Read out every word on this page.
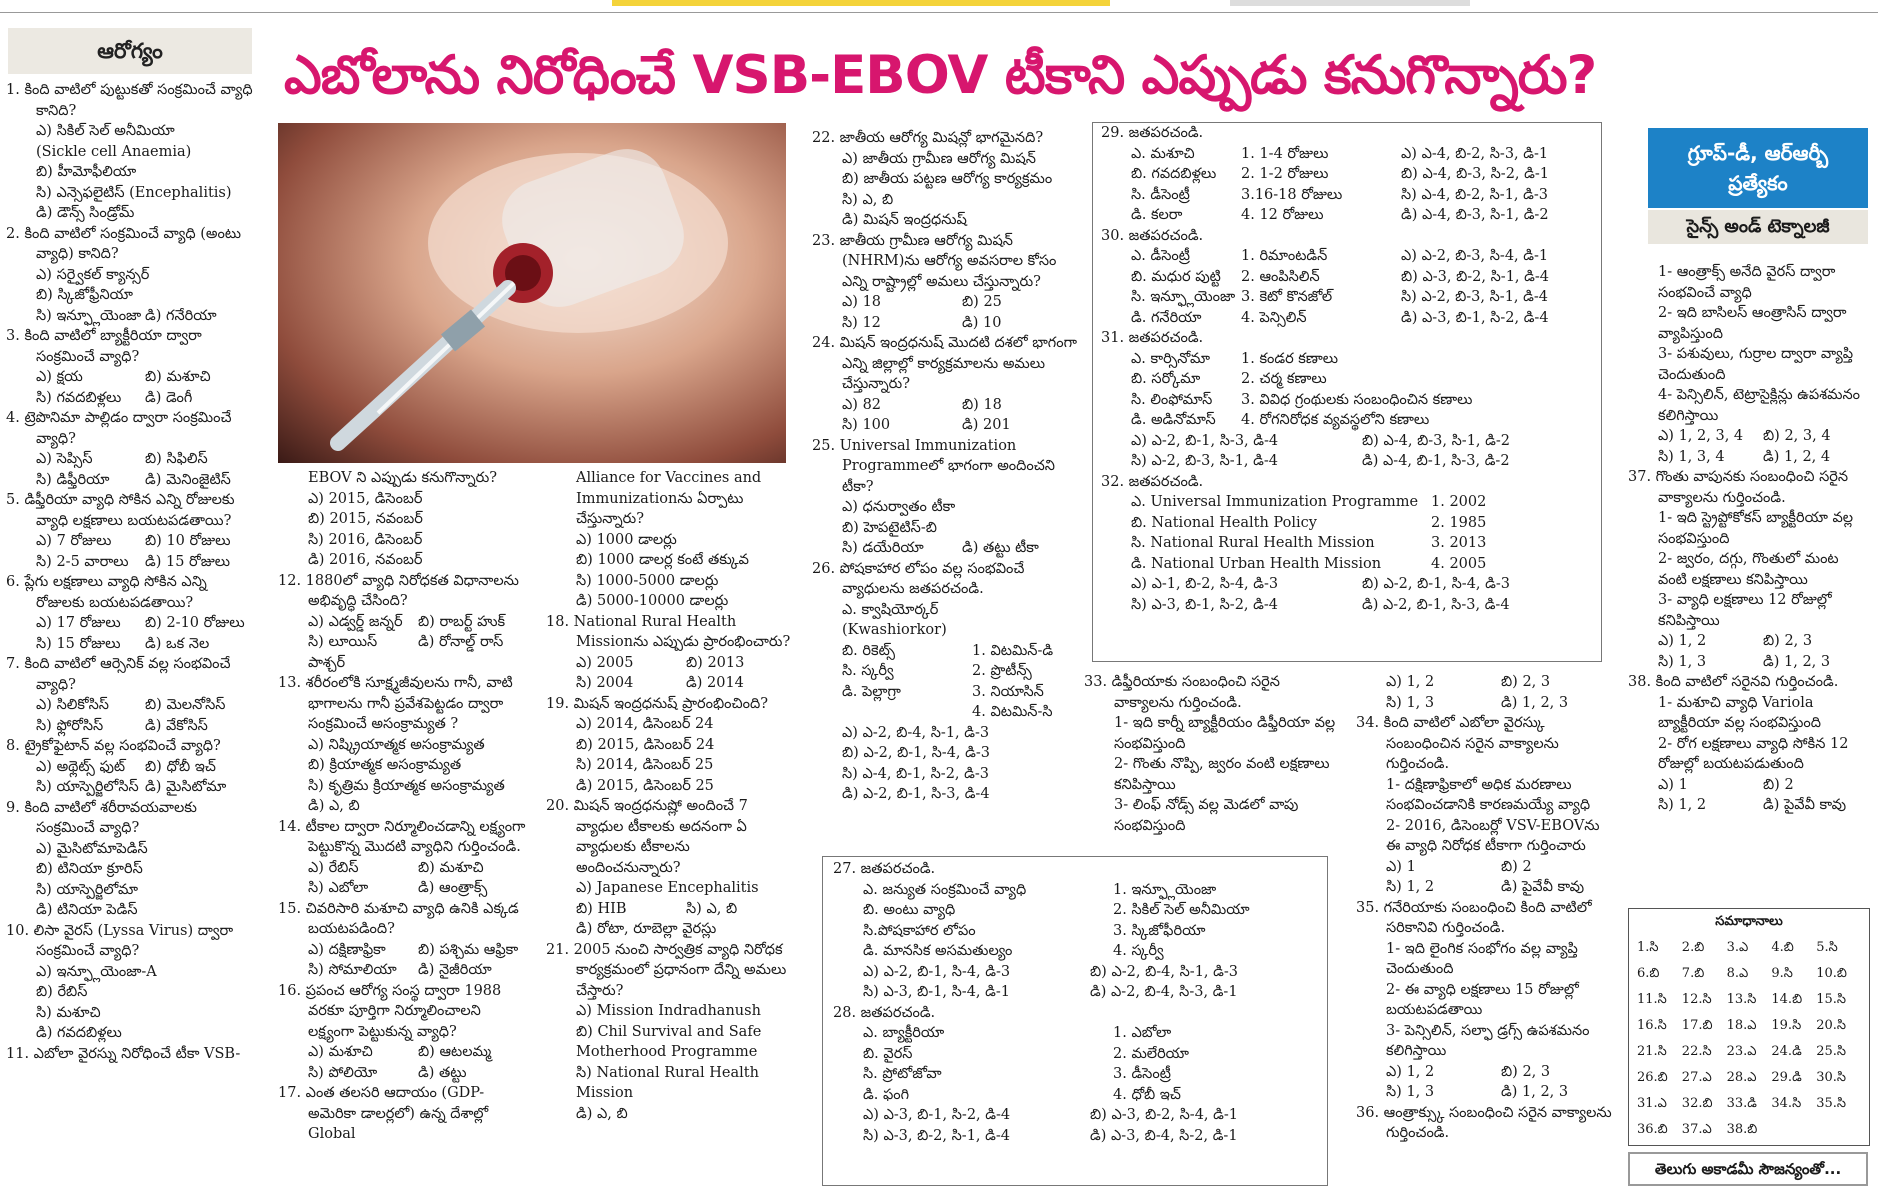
ఆరోగ్యం	ఎబోలాను నిరోధించే VSB-EBOV టీకాని ఎప్పుడు కనుగొన్నారు?
1. కింది వాటిలో పుట్టుకతో సంక్రమించే వ్యాధి కానిది?
ఎ) సికిల్ సెల్ అనీమియా
(Sickle cell Anaemia)
బి) హీమోఫీలియా
సి) ఎన్సెఫలైటిస్ (Encephalitis)
డి) డౌన్స్ సిండ్రోమ్
2. కింది వాటిలో సంక్రమించే వ్యాధి (అంటు వ్యాధి) కానిది?
ఎ) సర్వైకల్ క్యాన్సర్
బి) స్కిజోఫ్రీనియా
సి) ఇన్ఫ్లూయెంజా డి) గనేరియా
3. కింది వాటిలో బ్యాక్టీరియా ద్వారా సంక్రమించే వ్యాధి?
ఎ) క్షయ	బి) మశూచి
సి) గవదబిళ్లలు	డి) డెంగీ
4. ట్రెపొనిమా పాల్లిడం ద్వారా సంక్రమించే వ్యాధి?
ఎ) సెప్సిస్	బి) సిఫిలిస్
సి) డిఫ్తీరియా	డి) మెనింజైటిస్
5. డిఫ్తీరియా వ్యాధి సోకిన ఎన్ని రోజులకు వ్యాధి లక్షణాలు బయటపడతాయి?
ఎ) 7 రోజులు	బి) 10 రోజులు
సి) 2-5 వారాలు	డి) 15 రోజులు
6. ప్లేగు లక్షణాలు వ్యాధి సోకిన ఎన్ని రోజులకు బయటపడతాయి?
ఎ) 17 రోజులు	బి) 2-10 రోజులు
సి) 15 రోజులు	డి) ఒక నెల
7. కింది వాటిలో ఆర్సెనిక్ వల్ల సంభవించే వ్యాధి?
ఎ) సిలికోసిస్	బి) మెలనోసిస్
సి) ఫ్లోరోసిస్	డి) వేకోసిస్
8. ట్రైకోఫైటాన్ వల్ల సంభవించే వ్యాధి?
ఎ) అథ్లెట్స్ ఫుట్	బి) ధోబీ ఇచ్
సి) యాస్పెర్జిలోసిస్ డి) మైసిటోమా
9. కింది వాటిలో శరీరావయవాలకు సంక్రమించే వ్యాధి?
ఎ) మైసిటోమాపెడిస్
బి) టినియా క్రూరిస్
సి) యాస్పెర్జిలోమా
డి) టినియా పెడిస్
10. లిసా వైరస్ (Lyssa Virus) ద్వారా సంక్రమించే వ్యాధి?
ఎ) ఇన్ఫ్లూయెంజా-A
బి) రేబిస్
సి) మశూచి
డి) గవదబిళ్లలు
11. ఎబోలా వైరస్ను నిరోధించే టీకా VSB-
EBOV ని ఎప్పుడు కనుగొన్నారు?
ఎ) 2015, డిసెంబర్
బి) 2015, నవంబర్
సి) 2016, డిసెంబర్
డి) 2016, నవంబర్
12. 1880లో వ్యాధి నిరోధకత విధానాలను అభివృద్ధి చేసింది?
ఎ) ఎడ్వర్డ్ జన్నర్	బి) రాబర్ట్ హుక్
సి) లూయిస్ పాశ్చర్
డి) రోనాల్డ్ రాస్
13. శరీరంలోకి సూక్ష్మజీవులను గానీ, వాటి భాగాలను గానీ ప్రవేశపెట్టడం ద్వారా సంక్రమించే అసంక్రామ్యత ?
ఎ) నిష్క్రియాత్మక అసంక్రామ్యత
బి) క్రియాత్మక అసంక్రామ్యత
సి) కృత్రిమ క్రియాత్మక అసంక్రామ్యత
డి) ఎ, బి
14. టీకాల ద్వారా నిర్మూలించడాన్ని లక్ష్యంగా పెట్టుకొన్న మొదటి వ్యాధిని గుర్తించండి.
ఎ) రేబిస్	బి) మశూచి
సి) ఎబోలా	డి) ఆంత్రాక్స్
15. చివరిసారి మశూచి వ్యాధి ఉనికి ఎక్కడ బయటపడింది?
ఎ) దక్షిణాఫ్రికా	బి) పశ్చిమ ఆఫ్రికా
సి) సోమాలియా	డి) నైజీరియా
16. ప్రపంచ ఆరోగ్య సంస్థ ద్వారా 1988 వరకూ పూర్తిగా నిర్మూలించాలని లక్ష్యంగా పెట్టుకున్న వ్యాధి?
ఎ) మశూచి	బి) ఆటలమ్మ
సి) పోలియో	డి) తట్టు
17. ఎంత తలసరి ఆదాయం (GDP- అమెరికా డాలర్లలో) ఉన్న దేశాల్లో Global
Alliance for Vaccines and Immunizationను ఏర్పాటు చేస్తున్నారు?
ఎ) 1000 డాలర్లు
బి) 1000 డాలర్ల కంటే తక్కువ
సి) 1000-5000 డాలర్లు
డి) 5000-10000 డాలర్లు
18. National Rural Health Missionను ఎప్పుడు ప్రారంభించారు?
ఎ) 2005	బి) 2013
సి) 2004	డి) 2014
19. మిషన్ ఇంద్రధనుష్ ప్రారంభించింది?
ఎ) 2014, డిసెంబర్ 24
బి) 2015, డిసెంబర్ 24
సి) 2014, డిసెంబర్ 25
డి) 2015, డిసెంబర్ 25
20. మిషన్ ఇంద్రధనుష్లో అందించే 7 వ్యాధుల టీకాలకు అదనంగా ఏ వ్యాధులకు టీకాలను అందించనున్నారు?
ఎ) Japanese Encephalitis
బి) HIB	సి) ఎ, బి
డి) రోటా, రూబెల్లా వైరస్లు
21. 2005 నుంచి సార్వత్రిక వ్యాధి నిరోధక కార్యక్రమంలో ప్రధానంగా దేన్ని అమలు చేస్తారు?
ఎ) Mission Indradhanush
బి) Chil Survival and Safe Motherhood Programme
సి) National Rural Health Mission
డి) ఎ, బి
22. జాతీయ ఆరోగ్య మిషన్లో భాగమైనది?
ఎ) జాతీయ గ్రామీణ ఆరోగ్య మిషన్
బి) జాతీయ పట్టణ ఆరోగ్య కార్యక్రమం
సి) ఎ, బి
డి) మిషన్ ఇంద్రధనుష్
23. జాతీయ గ్రామీణ ఆరోగ్య మిషన్ (NHRM)ను ఆరోగ్య అవసరాల కోసం ఎన్ని రాష్ట్రాల్లో అమలు చేస్తున్నారు?
ఎ) 18	బి) 25
సి) 12	డి) 10
24. మిషన్ ఇంద్రధనుష్ మొదటి దశలో భాగంగా ఎన్ని జిల్లాల్లో కార్యక్రమాలను అమలు చేస్తున్నారు?
ఎ) 82	బి) 18
సి) 100	డి) 201
25. Universal Immunization Programmeలో భాగంగా అందించని టీకా?
ఎ) ధనుర్వాతం టీకా
బి) హెపటైటిస్-బి
సి) డయేరియా	డి) తట్టు టీకా
26. పోషకాహార లోపం వల్ల సంభవించే వ్యాధులను జతపరచండి.
ఎ. క్వాషియోర్కర్ (Kwashiorkor)
బి. రికెట్స్	1. విటమిన్-డి
సి. స్కర్వీ	2. ప్రొటీన్స్
డి. పెల్లాగ్రా	3. నియాసిన్
4. విటమిన్-సి
ఎ) ఎ-2, బి-4, సి-1, డి-3
బి) ఎ-2, బి-1, సి-4, డి-3
సి) ఎ-4, బి-1, సి-2, డి-3
డి) ఎ-2, బి-1, సి-3, డి-4
27. జతపరచండి.
ఎ. జన్యుత సంక్రమించే వ్యాధి	1. ఇన్ఫ్లూయెంజా
బి. అంటు వ్యాధి	2. సికిల్ సెల్ అనీమియా
సి.పోషకాహార లోపం	3. స్కిజోఫీరియా
డి. మానసిక అసమతుల్యం	4. స్కర్వీ
ఎ) ఎ-2, బి-1, సి-4, డి-3	బి) ఎ-2, బి-4, సి-1, డి-3
సి) ఎ-3, బి-1, సి-4, డి-1	డి) ఎ-2, బి-4, సి-3, డి-1
28. జతపరచండి.
ఎ. బ్యాక్టీరియా	1. ఎబోలా
బి. వైరస్	2. మలేరియా
సి. ప్రోటోజోవా	3. డీసెంట్రీ
డి. ఫంగి	4. ధోబీ ఇచ్
ఎ) ఎ-3, బి-1, సి-2, డి-4	బి) ఎ-3, బి-2, సి-4, డి-1
సి) ఎ-3, బి-2, సి-1, డి-4	డి) ఎ-3, బి-4, సి-2, డి-1
29. జతపరచండి.
ఎ. మశూచి	1. 1-4 రోజులు
బి. గవదబిళ్లలు	2. 1-2 రోజులు
సి. డీసెంట్రీ	3.16-18 రోజులు
డి. కలరా	4. 12 రోజులు
ఎ) ఎ-4, బి-2, సి-3, డి-1
బి) ఎ-4, బి-3, సి-2, డి-1
సి) ఎ-4, బి-2, సి-1, డి-3
డి) ఎ-4, బి-3, సి-1, డి-2
30. జతపరచండి.
ఎ. డీసెంట్రీ	1. రిమాంటడిన్
బి. మధుర పుట్టి	2. ఆంపిసిలిన్
సి. ఇన్ఫ్లూయెంజా 3. కెటో కొనజోల్
డి. గనేరియా	4. పెన్సిలిన్
ఎ) ఎ-2, బి-3, సి-4, డి-1
బి) ఎ-3, బి-2, సి-1, డి-4
సి) ఎ-2, బి-3, సి-1, డి-4
డి) ఎ-3, బి-1, సి-2, డి-4
31. జతపరచండి.
ఎ. కార్సినోమా	1. కండర కణాలు
బి. సర్కోమా	2. చర్మ కణాలు
సి. లింఫోమాస్	3. వివిధ గ్రంథులకు సంబంధించిన కణాలు
డి. అడినోమాస్	4. రోగనిరోధక వ్యవస్థలోని కణాలు
ఎ) ఎ-2, బి-1, సి-3, డి-4	బి) ఎ-4, బి-3, సి-1, డి-2
సి) ఎ-2, బి-3, సి-1, డి-4	డి) ఎ-4, బి-1, సి-3, డి-2
32. జతపరచండి.
ఎ. Universal Immunization Programme 1. 2002
బి. National Health Policy	2. 1985
సి. National Rural Health Mission	3. 2013
డి. National Urban Health Mission	4. 2005
ఎ) ఎ-1, బి-2, సి-4, డి-3	బి) ఎ-2, బి-1, సి-4, డి-3
సి) ఎ-3, బి-1, సి-2, డి-4	డి) ఎ-2, బి-1, సి-3, డి-4
33. డిఫ్తీరియాకు సంబంధించి సరైన వాక్యాలను గుర్తించండి.
1- ఇది కార్నీ బ్యాక్టీరియం డిఫ్తీరియా వల్ల సంభవిస్తుంది
2- గొంతు నొప్పి, జ్వరం వంటి లక్షణాలు కనిపిస్తాయి
3- లింఫ్ నోడ్స్ వల్ల మెడలో వాపు సంభవిస్తుంది
ఎ) 1, 2	బి) 2, 3
సి) 1, 3	డి) 1, 2, 3
34. కింది వాటిలో ఎబోలా వైరస్కు సంబంధించిన సరైన వాక్యాలను గుర్తించండి.
1- దక్షిణాఫ్రికాలో అధిక మరణాలు సంభవించడానికి కారణమయ్యే వ్యాధి
2- 2016, డిసెంబర్లో VSV-EBOVను ఈ వ్యాధి నిరోధక టీకాగా గుర్తించారు
ఎ) 1	బి) 2
సి) 1, 2	డి) పైవేవీ కావు
35. గనేరియాకు సంబంధించి కింది వాటిలో సరికానివి గుర్తించండి.
1- ఇది లైంగిక సంభోగం వల్ల వ్యాప్తి చెందుతుంది
2- ఈ వ్యాధి లక్షణాలు 15 రోజుల్లో బయటపడతాయి
3- పెన్సిలిన్, సల్ఫా డ్రగ్స్ ఉపశమనం కలిగిస్తాయి
ఎ) 1, 2	బి) 2, 3
సి) 1, 3	డి) 1, 2, 3
36. ఆంత్రాక్స్కు సంబంధించి సరైన వాక్యాలను గుర్తించండి.
గ్రూప్-డీ, ఆర్ఆర్బీ
ప్రత్యేకం
సైన్స్ అండ్ టెక్నాలజీ
1- ఆంత్రాక్స్ అనేది వైరస్ ద్వారా సంభవించే వ్యాధి
2- ఇది బాసిలస్ ఆంత్రాసిస్ ద్వారా వ్యాపిస్తుంది
3- పశువులు, గుర్రాల ద్వారా వ్యాప్తి చెందుతుంది
4- పెన్సిలిన్, టెట్రాసైక్లిన్లు ఉపశమనం కలిగిస్తాయి
ఎ) 1, 2, 3, 4	బి) 2, 3, 4
సి) 1, 3, 4	డి) 1, 2, 4
37. గొంతు వాపునకు సంబంధించి సరైన వాక్యాలను గుర్తించండి.
1- ఇది స్ట్రెప్టోకోకస్ బ్యాక్టీరియా వల్ల సంభవిస్తుంది
2- జ్వరం, దగ్గు, గొంతులో మంట వంటి లక్షణాలు కనిపిస్తాయి
3- వ్యాధి లక్షణాలు 12 రోజుల్లో కనిపిస్తాయి
ఎ) 1, 2	బి) 2, 3
సి) 1, 3	డి) 1, 2, 3
38. కింది వాటిలో సరైనవి గుర్తించండి.
1- మశూచి వ్యాధి Variola బ్యాక్టీరియా వల్ల సంభవిస్తుంది
2- రోగ లక్షణాలు వ్యాధి సోకిన 12 రోజుల్లో బయటపడుతుంది
ఎ) 1	బి) 2
సి) 1, 2	డి) పైవేవీ కావు
సమాధానాలు
1.సి	2.బి	3.ఎ	4.బి	5.సి
6.బి	7.బి	8.ఎ	9.సి	10.బి
11.సి	12.సి	13.సి	14.బి	15.సి
16.సి	17.బి	18.ఎ	19.సి	20.సి
21.సి	22.సి	23.ఎ	24.డి	25.సి
26.బి	27.ఎ	28.ఎ	29.డి	30.సి
31.ఎ	32.బి	33.డి	34.సి	35.సి
36.బి	37.ఎ	38.బి
తెలుగు అకాడమీ సౌజన్యంతో...
